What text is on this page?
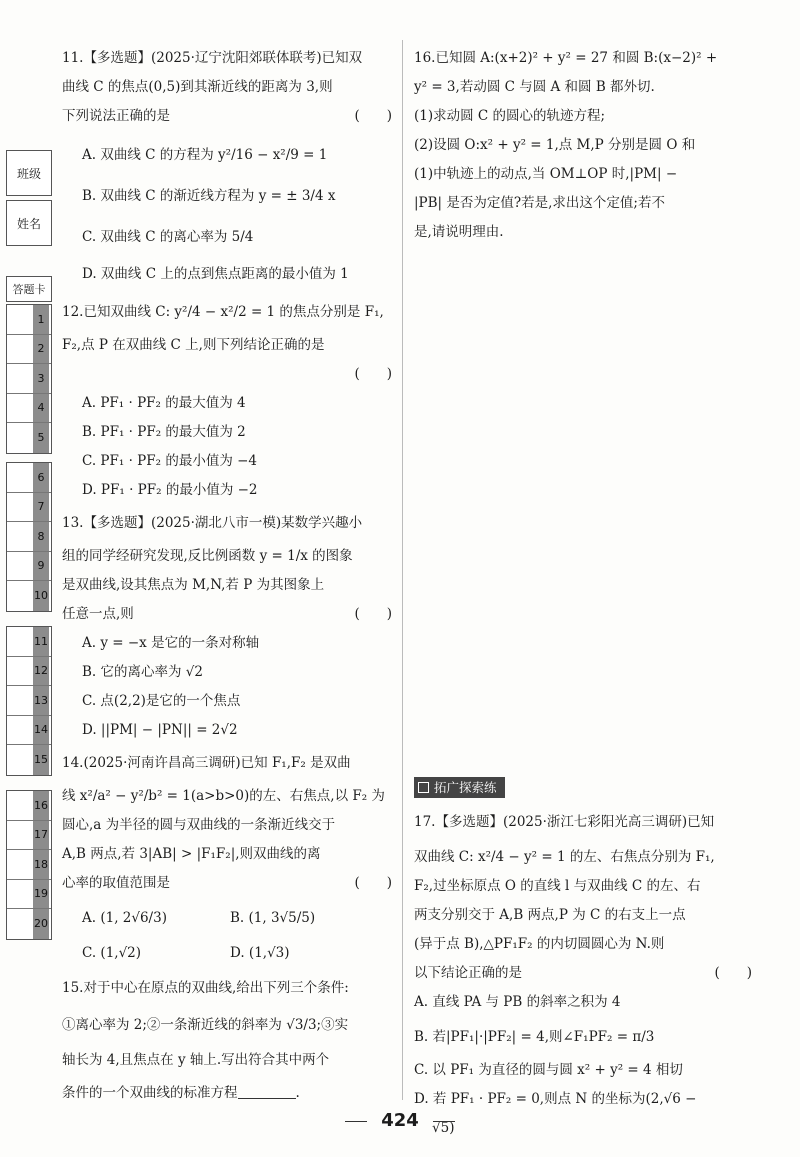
班级
姓名
答题卡
1
2
3
4
5
6
7
8
9
10
11
12
13
14
15
16
17
18
19
20
11.【多选题】(2025·辽宁沈阳郊联体联考)已知双
曲线 C 的焦点(0,5)到其渐近线的距离为 3,则
下列说法正确的是	(　　)
A. 双曲线 C 的方程为 y²/16 − x²/9 = 1
B. 双曲线 C 的渐近线方程为 y = ± 3/4 x
C. 双曲线 C 的离心率为 5/4
D. 双曲线 C 上的点到焦点距离的最小值为 1
12.已知双曲线 C: y²/4 − x²/2 = 1 的焦点分别是 F₁,
F₂,点 P 在双曲线 C 上,则下列结论正确的是
(　　)
A. PF₁ · PF₂ 的最大值为 4
B. PF₁ · PF₂ 的最大值为 2
C. PF₁ · PF₂ 的最小值为 −4
D. PF₁ · PF₂ 的最小值为 −2
13.【多选题】(2025·湖北八市一模)某数学兴趣小
组的同学经研究发现,反比例函数 y = 1/x 的图象
是双曲线,设其焦点为 M,N,若 P 为其图象上
任意一点,则	(　　)
A. y = −x 是它的一条对称轴
B. 它的离心率为 √2
C. 点(2,2)是它的一个焦点
D. ||PM| − |PN|| = 2√2
14.(2025·河南许昌高三调研)已知 F₁,F₂ 是双曲
线 x²/a² − y²/b² = 1(a>b>0)的左、右焦点,以 F₂ 为
圆心,a 为半径的圆与双曲线的一条渐近线交于
A,B 两点,若 3|AB| > |F₁F₂|,则双曲线的离
心率的取值范围是	(　　)
A. (1, 2√6/3)	B. (1, 3√5/5)
C. (1,√2)	D. (1,√3)
15.对于中心在原点的双曲线,给出下列三个条件:
①离心率为 2;②一条渐近线的斜率为 √3/3;③实
轴长为 4,且焦点在 y 轴上.写出符合其中两个
条件的一个双曲线的标准方程	.
16.已知圆 A:(x+2)² + y² = 27 和圆 B:(x−2)² +
y² = 3,若动圆 C 与圆 A 和圆 B 都外切.
(1)求动圆 C 的圆心的轨迹方程;
(2)设圆 O:x² + y² = 1,点 M,P 分别是圆 O 和
(1)中轨迹上的动点,当 OM⊥OP 时,|PM| −
|PB| 是否为定值?若是,求出这个定值;若不
是,请说明理由.
拓广探索练
17.【多选题】(2025·浙江七彩阳光高三调研)已知
双曲线 C: x²/4 − y² = 1 的左、右焦点分别为 F₁,
F₂,过坐标原点 O 的直线 l 与双曲线 C 的左、右
两支分别交于 A,B 两点,P 为 C 的右支上一点
(异于点 B),△PF₁F₂ 的内切圆圆心为 N.则
以下结论正确的是	(　　)
A. 直线 PA 与 PB 的斜率之积为 4
B. 若|PF₁|·|PF₂| = 4,则∠F₁PF₂ = π/3
C. 以 PF₁ 为直径的圆与圆 x² + y² = 4 相切
D. 若 PF₁ · PF₂ = 0,则点 N 的坐标为(2,√6 −
√5)
424
